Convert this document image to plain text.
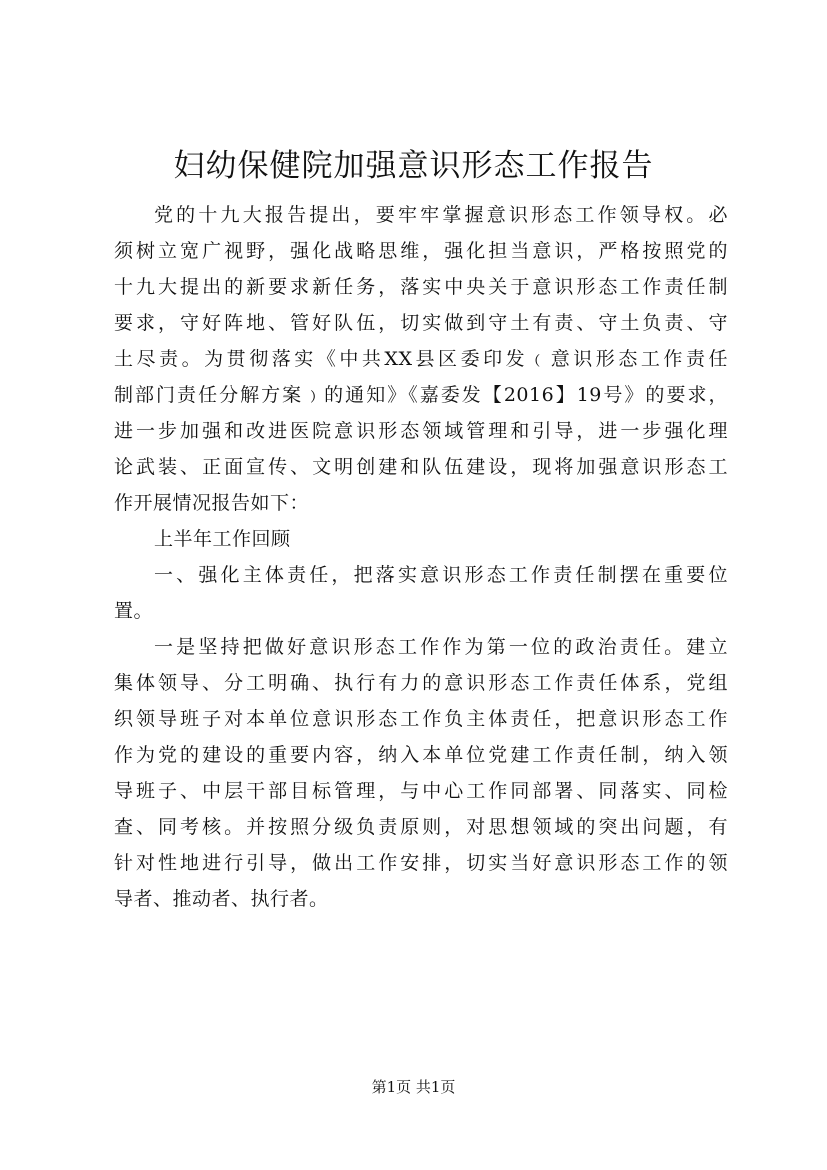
妇幼保健院加强意识形态工作报告
党的十九大报告提出，要牢牢掌握意识形态工作领导权。必
须树立宽广视野，强化战略思维，强化担当意识，严格按照党的
十九大提出的新要求新任务，落实中央关于意识形态工作责任制
要求，守好阵地、管好队伍，切实做到守土有责、守土负责、守
土尽责。为贯彻落实《中共XX县区委印发﹙意识形态工作责任
制部门责任分解方案﹚的通知》《嘉委发【2016】19号》的要求，
进一步加强和改进医院意识形态领域管理和引导，进一步强化理
论武装、正面宣传、文明创建和队伍建设，现将加强意识形态工
作开展情况报告如下：
上半年工作回顾
一、强化主体责任，把落实意识形态工作责任制摆在重要位
置。
一是坚持把做好意识形态工作作为第一位的政治责任。建立
集体领导、分工明确、执行有力的意识形态工作责任体系，党组
织领导班子对本单位意识形态工作负主体责任，把意识形态工作
作为党的建设的重要内容，纳入本单位党建工作责任制，纳入领
导班子、中层干部目标管理，与中心工作同部署、同落实、同检
查、同考核。并按照分级负责原则，对思想领域的突出问题，有
针对性地进行引导，做出工作安排，切实当好意识形态工作的领
导者、推动者、执行者。
第1页 共1页
